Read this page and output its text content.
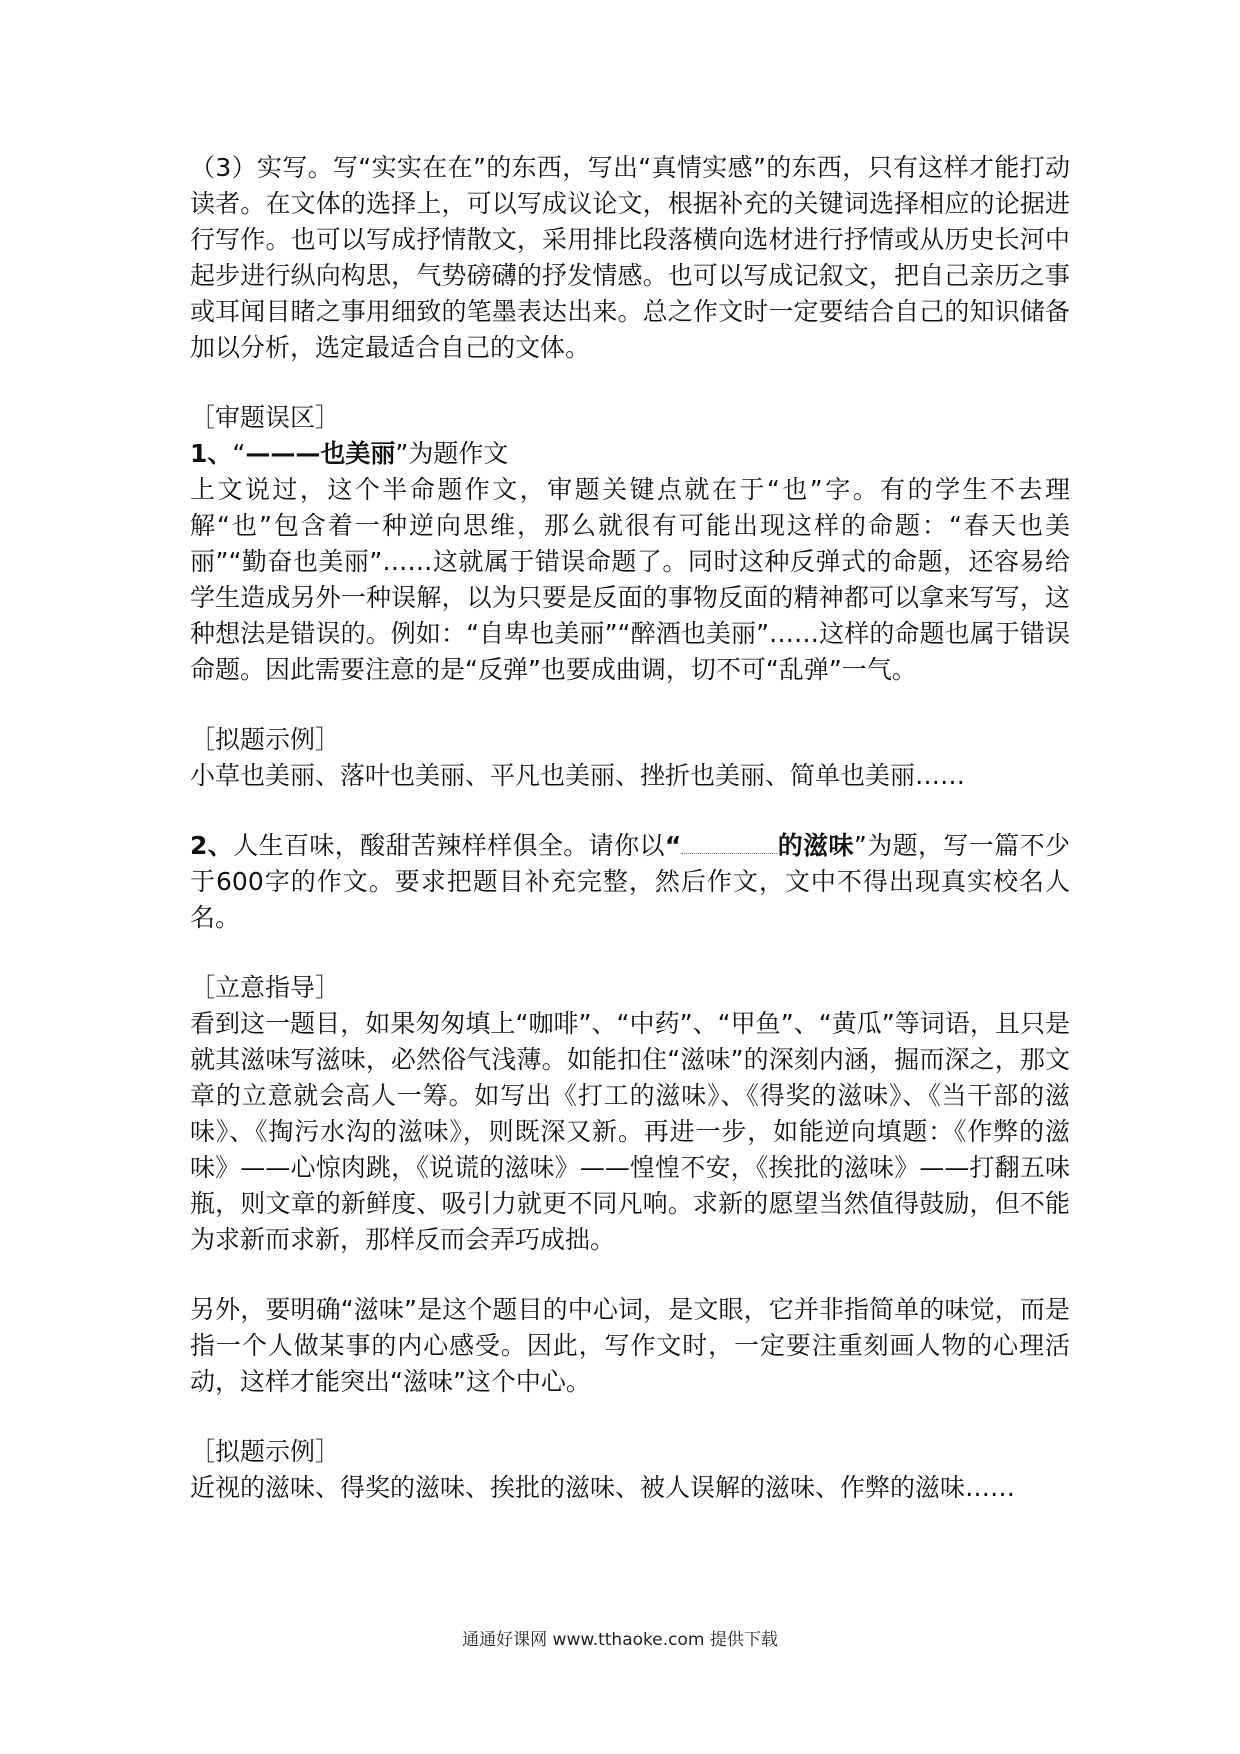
（3）实写。写“实实在在”的东西，写出“真情实感”的东西，只有这样才能打动读者。在文体的选择上，可以写成议论文，根据补充的关键词选择相应的论据进行写作。也可以写成抒情散文，采用排比段落横向选材进行抒情或从历史长河中起步进行纵向构思，气势磅礴的抒发情感。也可以写成记叙文，把自己亲历之事或耳闻目睹之事用细致的笔墨表达出来。总之作文时一定要结合自己的知识储备加以分析，选定最适合自己的文体。

［审题误区］

1、“———也美丽”为题作文

上文说过，这个半命题作文，审题关键点就在于“也”字。有的学生不去理解“也”包含着一种逆向思维，那么就很有可能出现这样的命题：“春天也美丽”“勤奋也美丽”……这就属于错误命题了。同时这种反弹式的命题，还容易给学生造成另外一种误解，以为只要是反面的事物反面的精神都可以拿来写写，这种想法是错误的。例如：“自卑也美丽”“醉酒也美丽”……这样的命题也属于错误命题。因此需要注意的是“反弹”也要成曲调，切不可“乱弹”一气。

［拟题示例］

小草也美丽、落叶也美丽、平凡也美丽、挫折也美丽、简单也美丽……

2、人生百味，酸甜苦辣样样俱全。请你以“	的滋味”为题，写一篇不少于600字的作文。要求把题目补充完整，然后作文，文中不得出现真实校名人名。

［立意指导］

看到这一题目，如果匆匆填上“咖啡”、“中药”、“甲鱼”、“黄瓜”等词语，且只是就其滋味写滋味，必然俗气浅薄。如能扣住“滋味”的深刻内涵，掘而深之，那文章的立意就会高人一筹。如写出《打工的滋味》、《得奖的滋味》、《当干部的滋味》、《掏污水沟的滋味》，则既深又新。再进一步，如能逆向填题：《作弊的滋味》——心惊肉跳，《说谎的滋味》——惶惶不安，《挨批的滋味》——打翻五味瓶，则文章的新鲜度、吸引力就更不同凡响。求新的愿望当然值得鼓励，但不能为求新而求新，那样反而会弄巧成拙。

另外，要明确“滋味”是这个题目的中心词，是文眼，它并非指简单的味觉，而是指一个人做某事的内心感受。因此，写作文时，一定要注重刻画人物的心理活动，这样才能突出“滋味”这个中心。

［拟题示例］

近视的滋味、得奖的滋味、挨批的滋味、被人误解的滋味、作弊的滋味……

通通好课网 www.tthaoke.com 提供下载
